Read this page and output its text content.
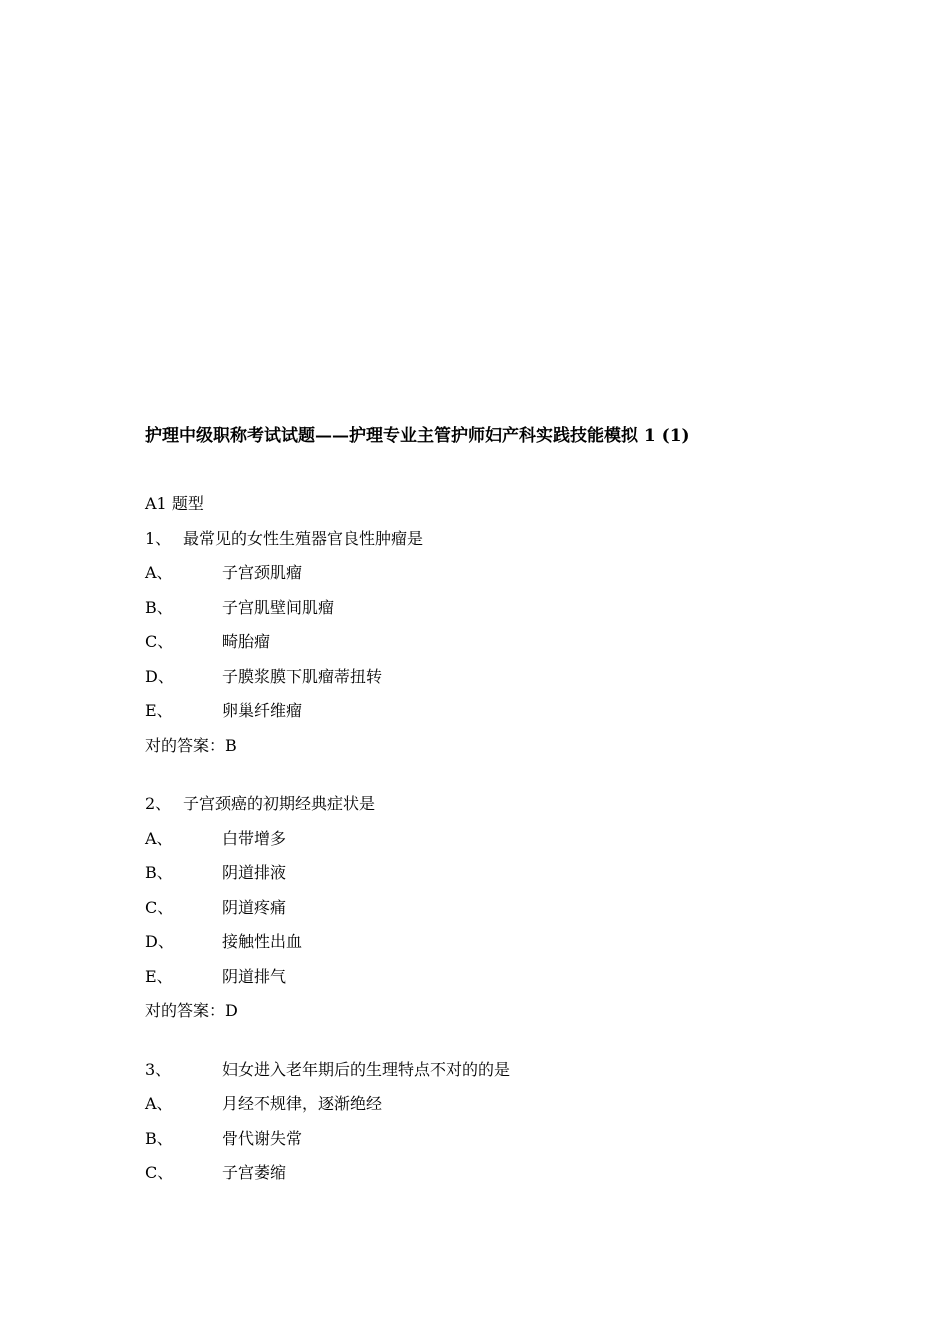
护理中级职称考试试题——护理专业主管护师妇产科实践技能模拟 1 (1)
A1 题型
1、 最常见的女性生殖器官良性肿瘤是
A、	子宫颈肌瘤
B、	子宫肌壁间肌瘤
C、	畸胎瘤
D、	子膜浆膜下肌瘤蒂扭转
E、	卵巢纤维瘤
对的答案：B
2、 子宫颈癌的初期经典症状是
A、	白带增多
B、	阴道排液
C、	阴道疼痛
D、	接触性出血
E、	阴道排气
对的答案：D
3、	妇女进入老年期后的生理特点不对的的是
A、	月经不规律，逐渐绝经
B、	骨代谢失常
C、	子宫萎缩
